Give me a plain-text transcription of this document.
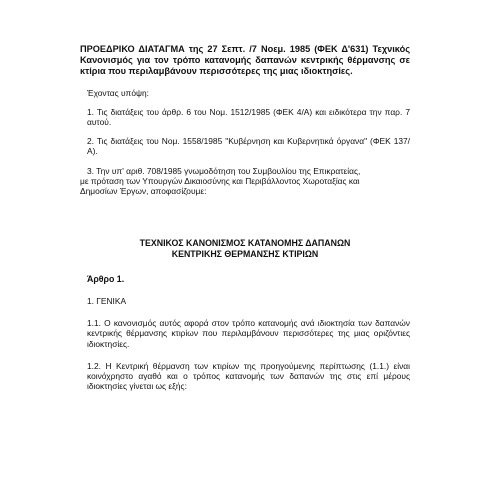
ΠΡΟΕΔΡΙΚΟ ΔΙΑΤΑΓΜΑ της 27 Σεπτ. /7 Νοεμ. 1985 (ΦΕΚ Δ'631) Τεχνικός Κανονισμός για τον τρόπο κατανομής δαπανών κεντρικής θέρμανσης σε κτίρια που περιλαμβάνουν περισσότερες της μιας ιδιοκτησίες.

Έχοντας υπόψη:

1. Τις διατάξεις του άρθρ. 6 του Νομ. 1512/1985 (ΦΕΚ 4/Α) και ειδικότερα την παρ. 7 αυτού.

2. Τις διατάξεις του Νομ. 1558/1985 "Κυβέρνηση και Κυβερνητικά όργανα" (ΦΕΚ 137/Α).

3. Την υπ' αριθ. 708/1985 γνωμοδότηση του Συμβουλίου της Επικρατείας,

με πρόταση των Υπουργών Δικαιοσύνης και Περιβάλλοντος Χωροταξίας και

Δημοσίων Έργων, αποφασίζουμε:

ΤΕΧΝΙΚΟΣ ΚΑΝΟΝΙΣΜΟΣ ΚΑΤΑΝΟΜΗΣ ΔΑΠΑΝΩΝ
ΚΕΝΤΡΙΚΗΣ ΘΕΡΜΑΝΣΗΣ ΚΤΙΡΙΩΝ

Άρθρο 1.

1. ΓΕΝΙΚΑ

1.1. Ο κανονισμός αυτός αφορά στον τρόπο κατανομής ανά ιδιοκτησία των δαπανών κεντρικής θέρμανσης κτιρίων που περιλαμβάνουν περισσότερες της μιας οριζόντιες ιδιοκτησίες.

1.2. Η Κεντρική θέρμανση των κτιρίων της προηγούμενης περίπτωσης (1.1.) είναι κοινόχρηστο αγαθό και ο τρόπος κατανομής των δαπανών της στις επί μέρους ιδιοκτησίες γίνεται ως εξής:
